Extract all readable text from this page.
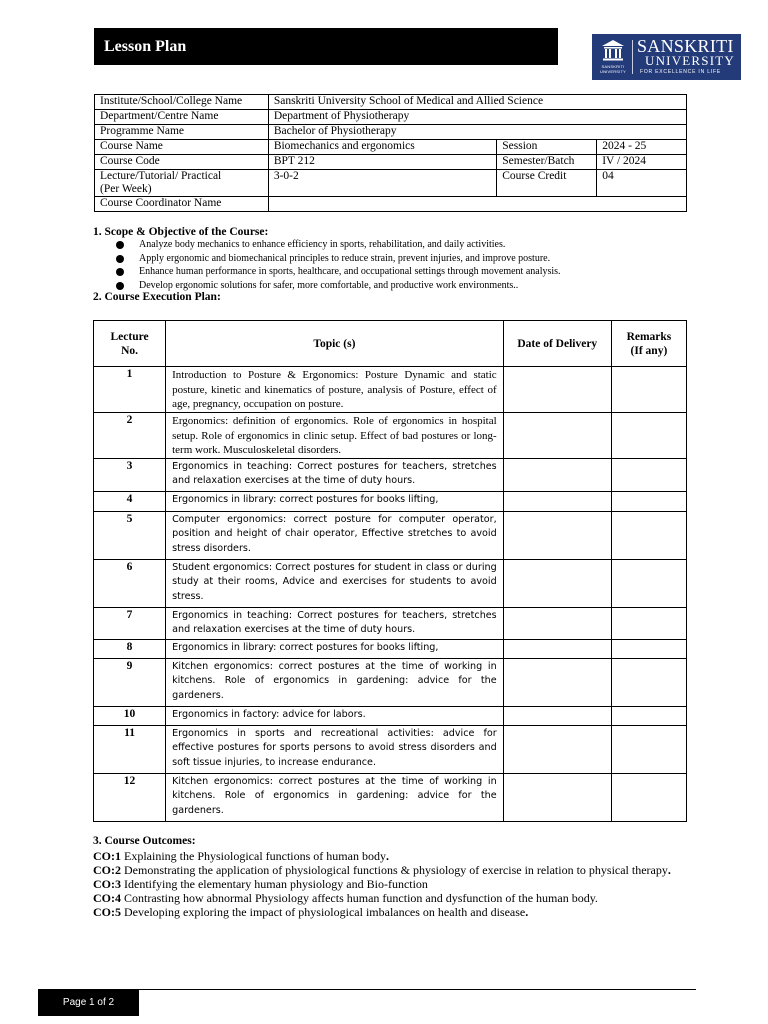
Lesson Plan
SANSKRITI
UNIVERSITY
SANSKRITI
UNIVERSITY
FOR EXCELLENCE IN LIFE
Institute/School/College Name	Sanskriti University School of Medical and Allied Science		
Department/Centre Name	Department of Physiotherapy		
Programme Name	Bachelor of Physiotherapy		
Course Name	Biomechanics and ergonomics	Session	2024 - 25
Course Code	BPT 212	Semester/Batch	IV / 2024
Lecture/Tutorial/ Practical
(Per Week)	3-0-2	Course Credit	04
Course Coordinator Name			
1. Scope & Objective of the Course:
Analyze body mechanics to enhance efficiency in sports, rehabilitation, and daily activities.
Apply ergonomic and biomechanical principles to reduce strain, prevent injuries, and improve posture.
Enhance human performance in sports, healthcare, and occupational settings through movement analysis.
Develop ergonomic solutions for safer, more comfortable, and productive work environments..
2. Course Execution Plan:
Lecture
No.	Topic (s)	Date of Delivery	Remarks
(If any)
1	Introduction to Posture & Ergonomics: Posture Dynamic and static posture, kinetic and kinematics of posture, analysis of Posture, effect of age, pregnancy, occupation on posture.		
2	Ergonomics: definition of ergonomics. Role of ergonomics in hospital setup. Role of ergonomics in clinic setup. Effect of bad postures or long-term work. Musculoskeletal disorders.		
3	Ergonomics in teaching: Correct postures for teachers, stretches and relaxation exercises at the time of duty hours.		
4	Ergonomics in library: correct postures for books lifting,		
5	Computer ergonomics: correct posture for computer operator, position and height of chair operator, Effective stretches to avoid stress disorders.		
6	Student ergonomics: Correct postures for student in class or during study at their rooms, Advice and exercises for students to avoid stress.		
7	Ergonomics in teaching: Correct postures for teachers, stretches and relaxation exercises at the time of duty hours.		
8	Ergonomics in library: correct postures for books lifting,		
9	Kitchen ergonomics: correct postures at the time of working in kitchens. Role of ergonomics in gardening: advice for the gardeners.		
10	Ergonomics in factory: advice for labors.		
11	Ergonomics in sports and recreational activities: advice for effective postures for sports persons to avoid stress disorders and soft tissue injuries, to increase endurance.		
12	Kitchen ergonomics: correct postures at the time of working in kitchens. Role of ergonomics in gardening: advice for the gardeners.		
3. Course Outcomes:
CO:1 Explaining the Physiological functions of human body.
CO:2 Demonstrating the application of physiological functions & physiology of exercise in relation to physical therapy.
CO:3 Identifying the elementary human physiology and Bio-function
CO:4 Contrasting how abnormal Physiology affects human function and dysfunction of the human body.
CO:5 Developing exploring the impact of physiological imbalances on health and disease.
Page 1 of 2
